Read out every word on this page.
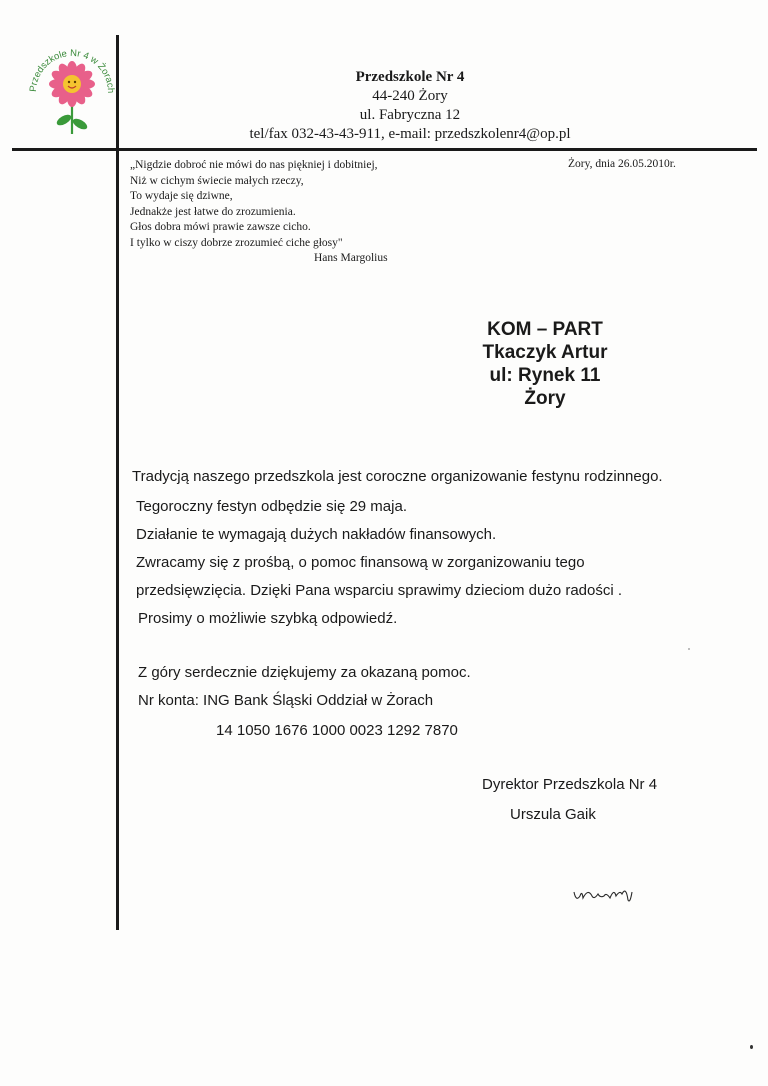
Przedszkole Nr 4 w Żorach
Przedszkole Nr 4
44-240 Żory
ul. Fabryczna 12
tel/fax 032-43-43-911, e-mail: przedszkolenr4@op.pl
„Nigdzie dobroć nie mówi do nas piękniej i dobitniej,
Niż w cichym świecie małych rzeczy,
To wydaje się dziwne,
Jednakże jest łatwe do zrozumienia.
Głos dobra mówi prawie zawsze cicho.
I tylko w ciszy dobrze zrozumieć ciche głosy"
Hans Margolius
Żory, dnia 26.05.2010r.
KOM – PART
Tkaczyk Artur
ul: Rynek 11
Żory
Tradycją naszego przedszkola jest coroczne organizowanie festynu rodzinnego.
Tegoroczny festyn odbędzie się 29 maja.
Działanie te wymagają dużych nakładów finansowych.
Zwracamy się z prośbą, o pomoc finansową w zorganizowaniu tego
przedsięwzięcia. Dzięki Pana wsparciu sprawimy dzieciom dużo radości .
Prosimy o możliwie szybką odpowiedź.
Z góry serdecznie dziękujemy za okazaną pomoc.
Nr konta: ING Bank Śląski Oddział w Żorach
14 1050 1676 1000 0023 1292 7870
Dyrektor Przedszkola Nr 4
Urszula Gaik
